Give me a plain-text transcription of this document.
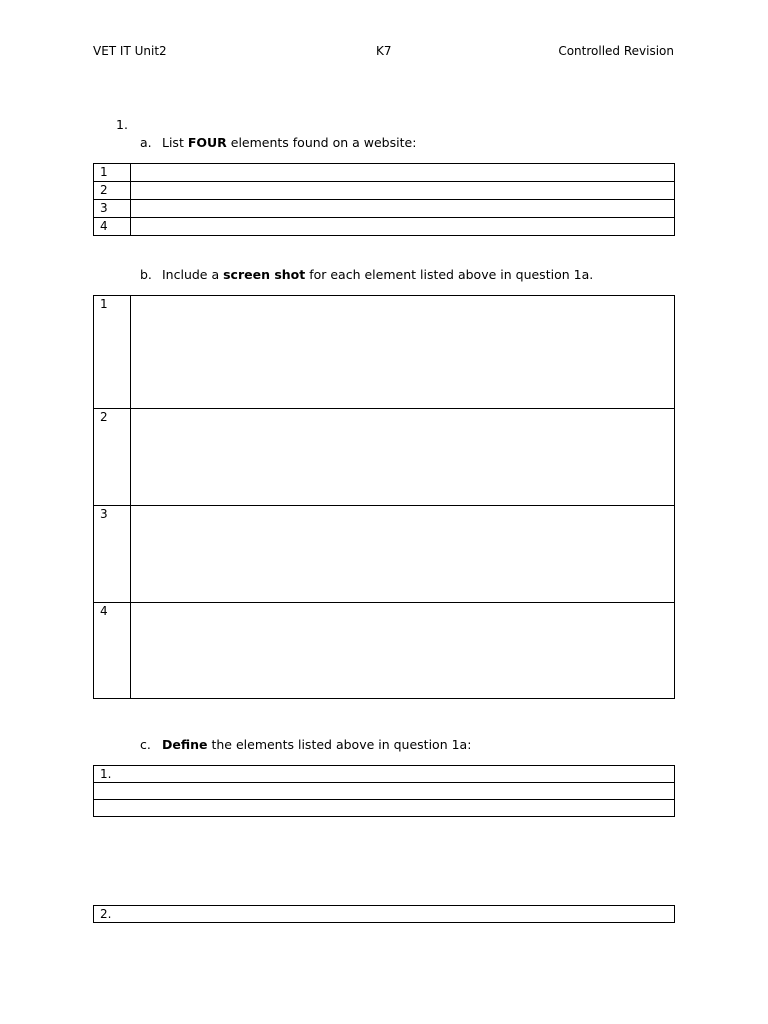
VET IT Unit2	K7	Controlled Revision
1.
a. List FOUR elements found on a website:
1	
2	
3	
4	
b. Include a screen shot for each element listed above in question 1a.
1	
2	
3	
4	
c. Define the elements listed above in question 1a:
1.

2.
